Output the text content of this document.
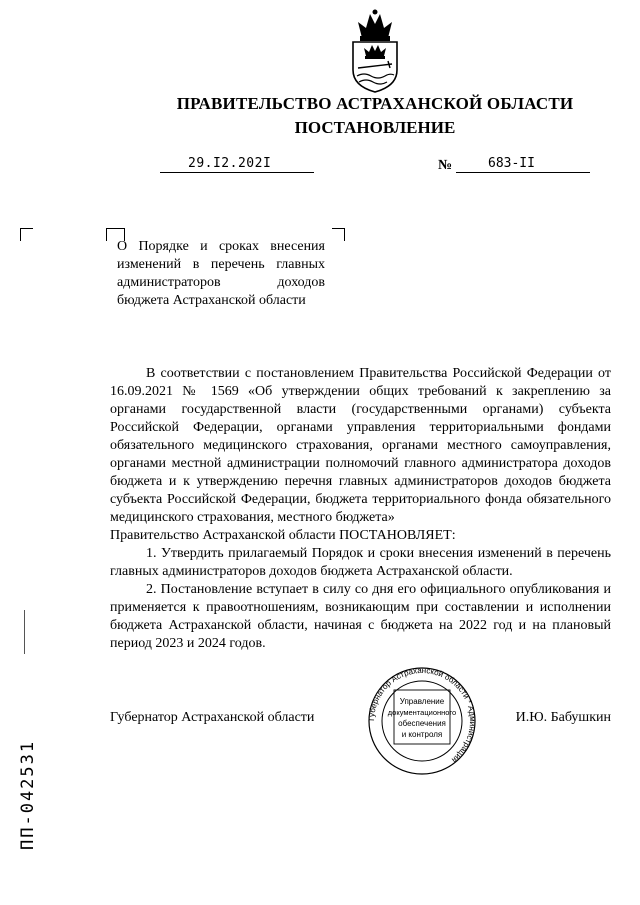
ПРАВИТЕЛЬСТВО АСТРАХАНСКОЙ ОБЛАСТИ
ПОСТАНОВЛЕНИЕ
29.I2.202I	№	683-II
О Порядке и сроках внесения изменений в перечень главных администраторов доходов бюджета Астраханской области

В соответствии с постановлением Правительства Российской Федерации от 16.09.2021 № 1569 «Об утверждении общих требований к закреплению за органами государственной власти (государственными органами) субъекта Российской Федерации, органами управления территориальными фондами обязательного медицинского страхования, органами местного самоуправления, органами местной администрации полномочий главного администратора доходов бюджета и к утверждению перечня главных администраторов доходов бюджета субъекта Российской Федерации, бюджета территориального фонда обязательного медицинского страхования, местного бюджета»

Правительство Астраханской области ПОСТАНОВЛЯЕТ:

1. Утвердить прилагаемый Порядок и сроки внесения изменений в перечень главных администраторов доходов бюджета Астраханской области.

2. Постановление вступает в силу со дня его официального опубликования и применяется к правоотношениям, возникающим при составлении и исполнении бюджета Астраханской области, начиная с бюджета на 2022 год и на плановый период 2023 и 2024 годов.

Губернатор Астраханской области	И.Ю. Бабушкин
Губернатор Астраханской области * Администрация
Управление
документационного
обеспечения
и контроля
ПП-042531
